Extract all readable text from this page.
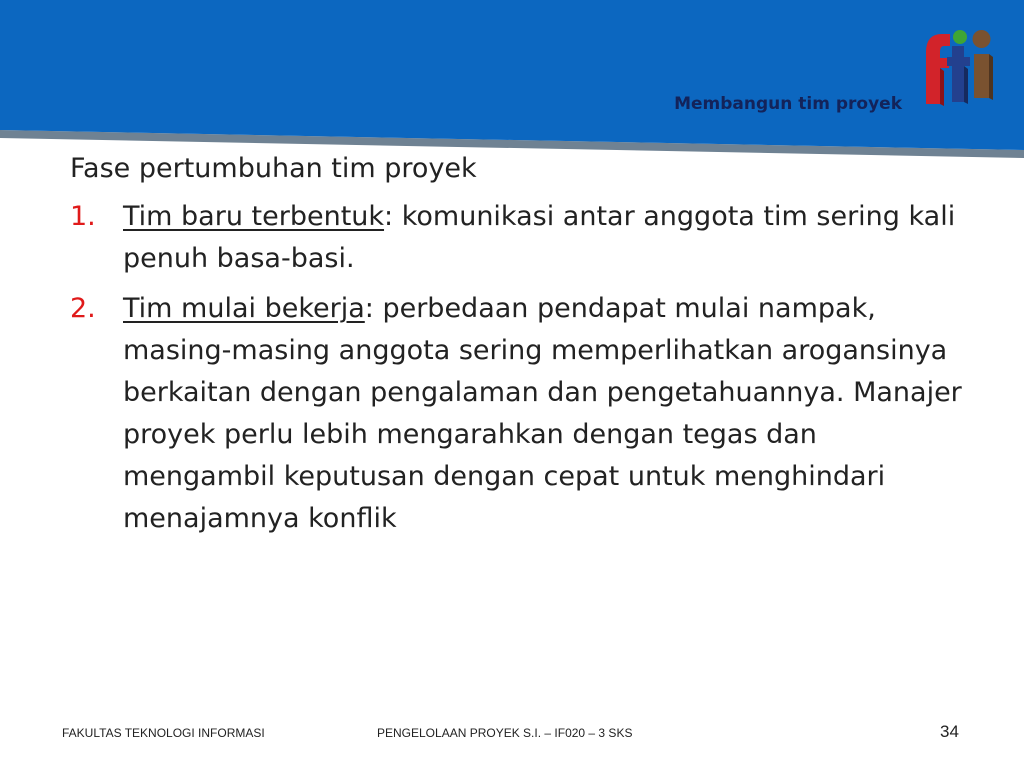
Membangun tim proyek
Fase pertumbuhan tim proyek
1. Tim baru terbentuk: komunikasi antar anggota tim sering kali penuh basa-basi.
2. Tim mulai bekerja: perbedaan pendapat mulai nampak, masing-masing anggota sering memperlihatkan arogansinya berkaitan dengan pengalaman dan pengetahuannya. Manajer proyek perlu lebih mengarahkan dengan tegas dan mengambil keputusan dengan cepat untuk menghindari menajamnya konflik
FAKULTAS TEKNOLOGI INFORMASI	PENGELOLAAN PROYEK S.I. – IF020 – 3 SKS	34
